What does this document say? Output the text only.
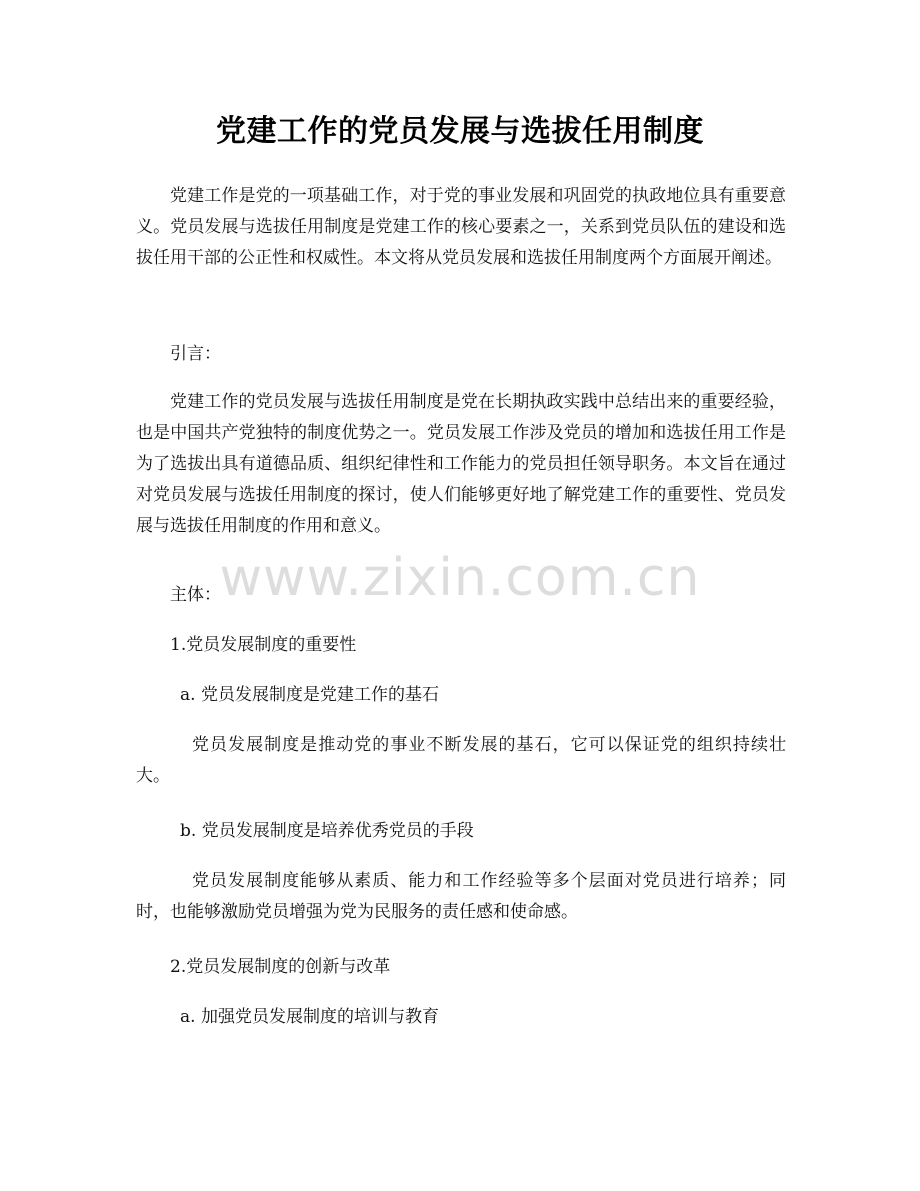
党建工作的党员发展与选拔任用制度

党建工作是党的一项基础工作，对于党的事业发展和巩固党的执政地位具有重要意义。党员发展与选拔任用制度是党建工作的核心要素之一，关系到党员队伍的建设和选拔任用干部的公正性和权威性。本文将从党员发展和选拔任用制度两个方面展开阐述。

引言：

党建工作的党员发展与选拔任用制度是党在长期执政实践中总结出来的重要经验，也是中国共产党独特的制度优势之一。党员发展工作涉及党员的增加和选拔任用工作是为了选拔出具有道德品质、组织纪律性和工作能力的党员担任领导职务。本文旨在通过对党员发展与选拔任用制度的探讨，使人们能够更好地了解党建工作的重要性、党员发展与选拔任用制度的作用和意义。

主体：
1.党员发展制度的重要性
a. 党员发展制度是党建工作的基石

党员发展制度是推动党的事业不断发展的基石，它可以保证党的组织持续壮大。

b. 党员发展制度是培养优秀党员的手段

党员发展制度能够从素质、能力和工作经验等多个层面对党员进行培养；同时，也能够激励党员增强为党为民服务的责任感和使命感。

2.党员发展制度的创新与改革
a. 加强党员发展制度的培训与教育
www.zixin.com.cn
